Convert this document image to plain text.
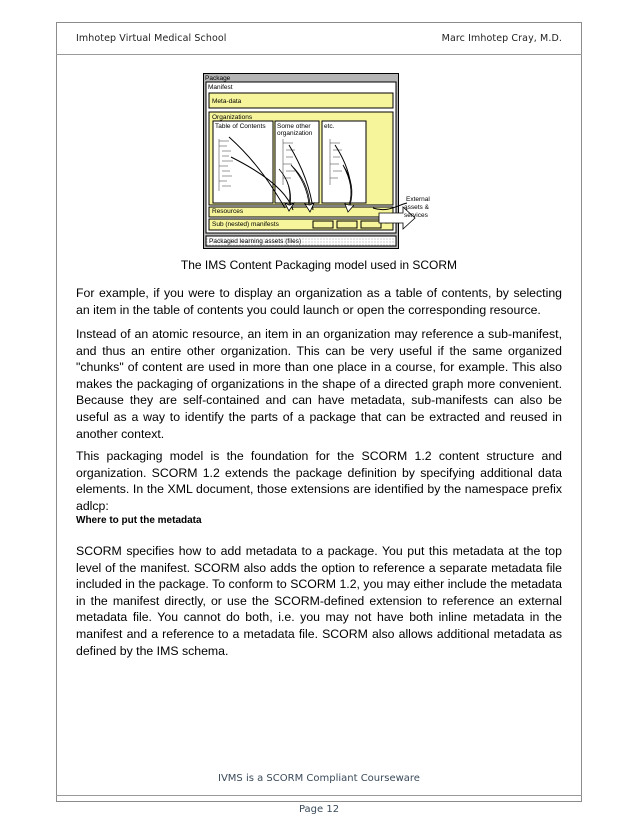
Imhotep Virtual Medical School	Marc Imhotep Cray, M.D.
Package
Manifest
Meta-data
Organizations
Table of Contents Some other
organization
etc.
Resources
Sub (nested) manifests
External
assets &
services
Packaged learning assets (files)
The IMS Content Packaging model used in SCORM

For example, if you were to display an organization as a table of contents, by selecting an item in the table of contents you could launch or open the corresponding resource.

Instead of an atomic resource, an item in an organization may reference a sub-manifest, and thus an entire other organization. This can be very useful if the same organized "chunks" of content are used in more than one place in a course, for example. This also makes the packaging of organizations in the shape of a directed graph more convenient. Because they are self-contained and can have metadata, sub-manifests can also be useful as a way to identify the parts of a package that can be extracted and reused in another context.

This packaging model is the foundation for the SCORM 1.2 content structure and organization. SCORM 1.2 extends the package definition by specifying additional data elements. In the XML document, those extensions are identified by the namespace prefix adlcp:

Where to put the metadata

SCORM specifies how to add metadata to a package. You put this metadata at the top level of the manifest. SCORM also adds the option to reference a separate metadata file included in the package. To conform to SCORM 1.2, you may either include the metadata in the manifest directly, or use the SCORM-defined extension to reference an external metadata file. You cannot do both, i.e. you may not have both inline metadata in the manifest and a reference to a metadata file. SCORM also allows additional metadata as defined by the IMS schema.

IVMS is a SCORM Compliant Courseware
Page 12
